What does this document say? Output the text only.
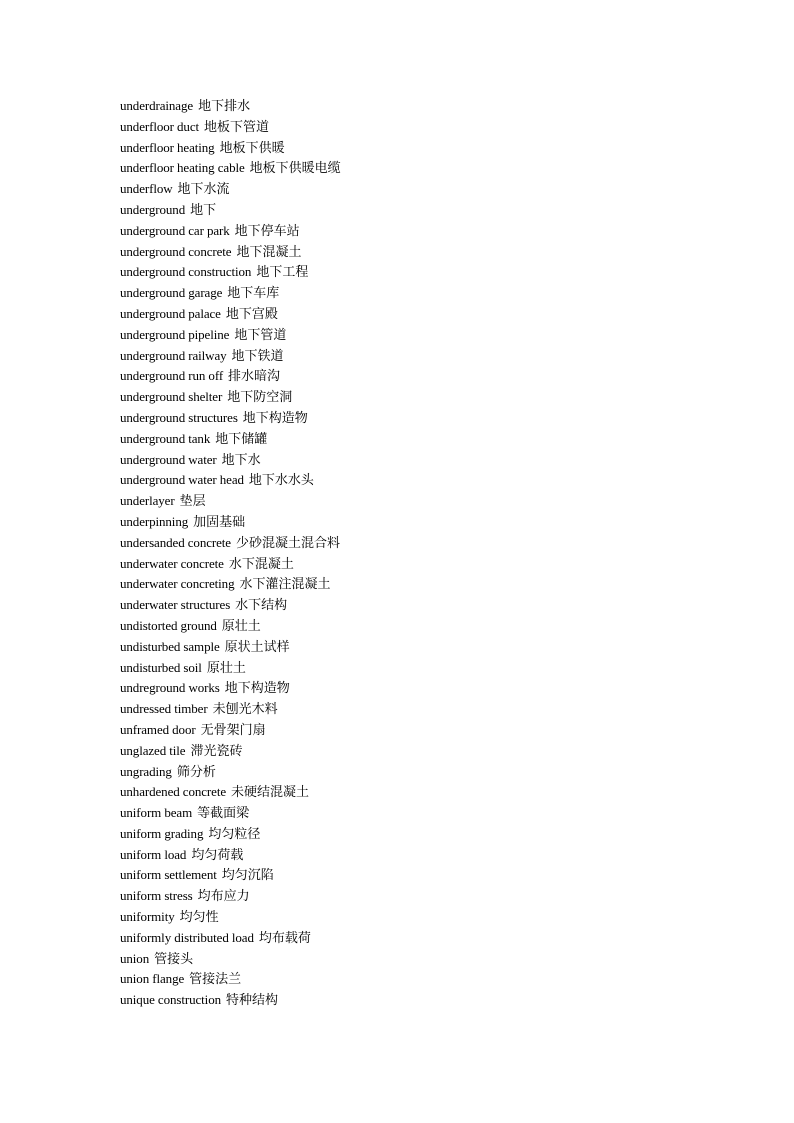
underdrainage 地下排水
underfloor duct 地板下管道
underfloor heating 地板下供暖
underfloor heating cable 地板下供暖电缆
underflow 地下水流
underground 地下
underground car park 地下停车站
underground concrete 地下混凝土
underground construction 地下工程
underground garage 地下车库
underground palace 地下宫殿
underground pipeline 地下管道
underground railway 地下铁道
underground run off 排水暗沟
underground shelter 地下防空洞
underground structures 地下构造物
underground tank 地下储罐
underground water 地下水
underground water head 地下水水头
underlayer 垫层
underpinning 加固基础
undersanded concrete 少砂混凝土混合料
underwater concrete 水下混凝土
underwater concreting 水下灌注混凝土
underwater structures 水下结构
undistorted ground 原壮土
undisturbed sample 原状土试样
undisturbed soil 原壮土
undreground works 地下构造物
undressed timber 未刨光木料
unframed door 无骨架门扇
unglazed tile 滞光瓷砖
ungrading 筛分析
unhardened concrete 未硬结混凝土
uniform beam 等截面梁
uniform grading 均匀粒径
uniform load 均匀荷载
uniform settlement 均匀沉陷
uniform stress 均布应力
uniformity 均匀性
uniformly distributed load 均布载荷
union 管接头
union flange 管接法兰
unique construction 特种结构
